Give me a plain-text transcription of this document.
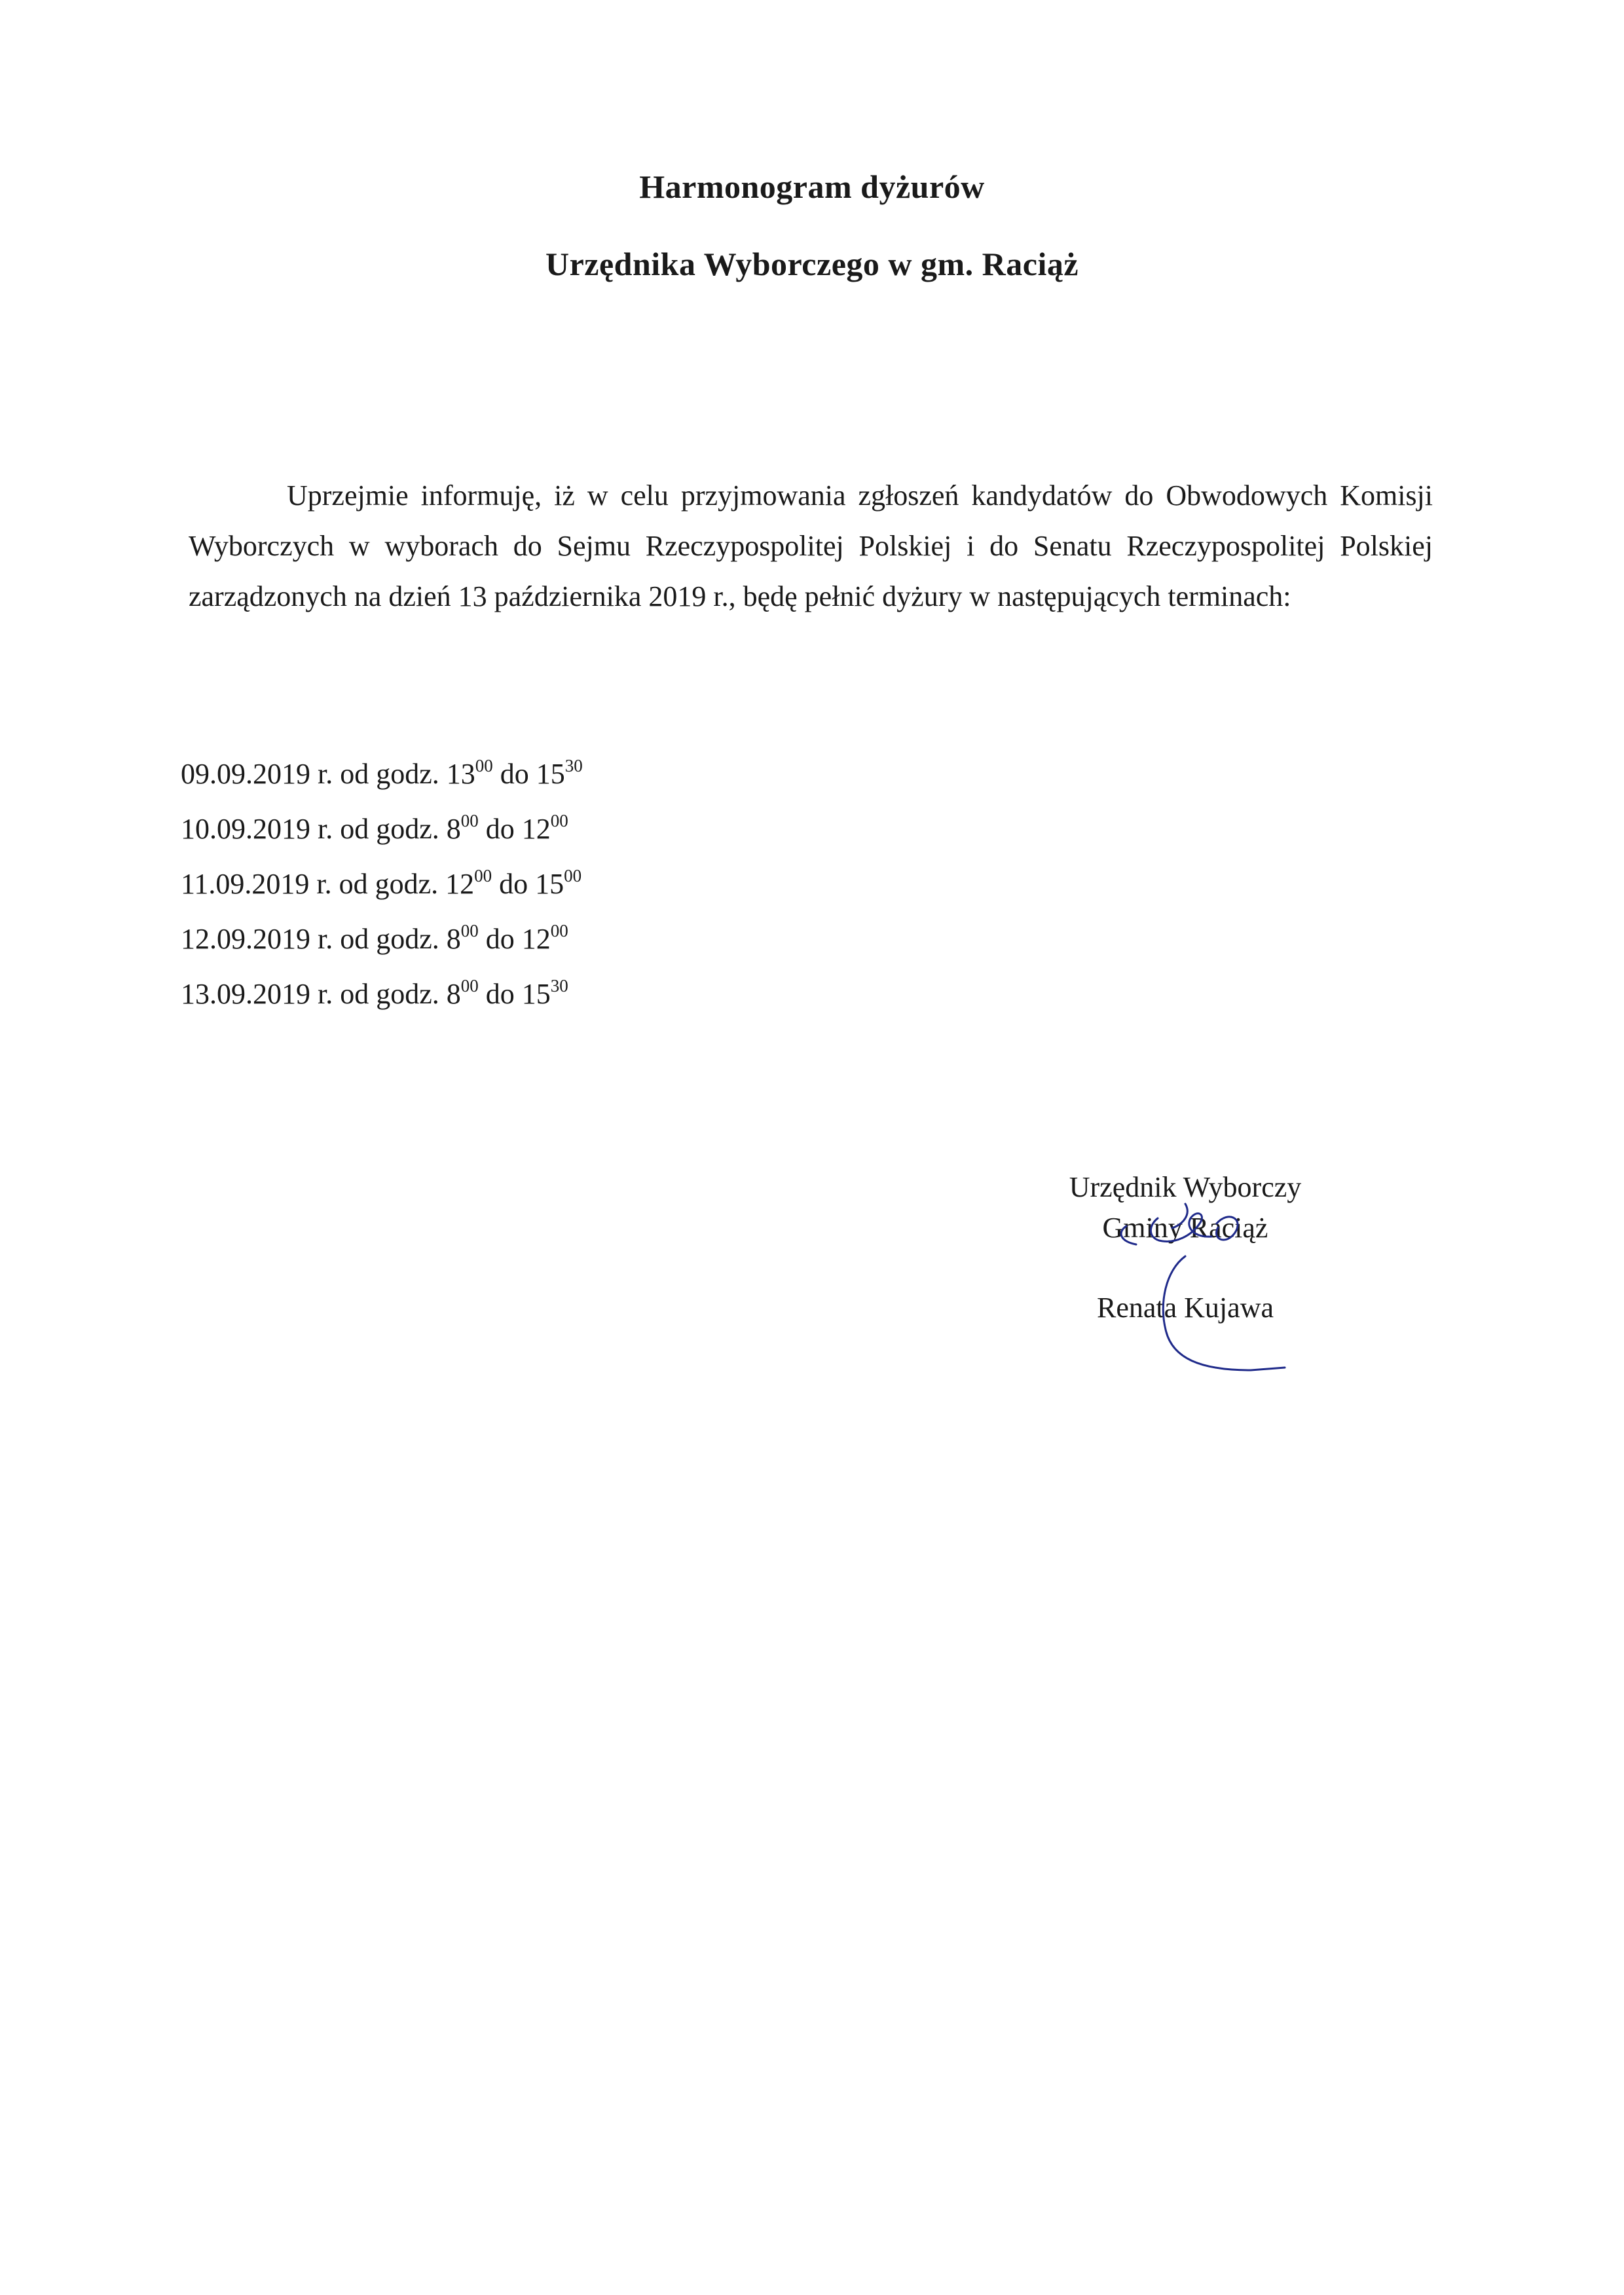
Harmonogram dyżurów
Urzędnika Wyborczego w gm. Raciąż

Uprzejmie informuję, iż w celu przyjmowania zgłoszeń kandydatów do Obwodowych Komisji Wyborczych w wyborach do Sejmu Rzeczypospolitej Polskiej i do Senatu Rzeczypospolitej Polskiej zarządzonych na dzień 13 października 2019 r., będę pełnić dyżury w następujących terminach:

09.09.2019 r. od godz. $13^{00}$ do $15^{30}$
10.09.2019 r. od godz. $8^{00}$ do $12^{00}$
11.09.2019 r. od godz. $12^{00}$ do $15^{00}$
12.09.2019 r. od godz. $8^{00}$ do $12^{00}$
13.09.2019 r. od godz. $8^{00}$ do $15^{30}$
Urzędnik Wyborczy
Gminy Raciąż
Renata Kujawa
